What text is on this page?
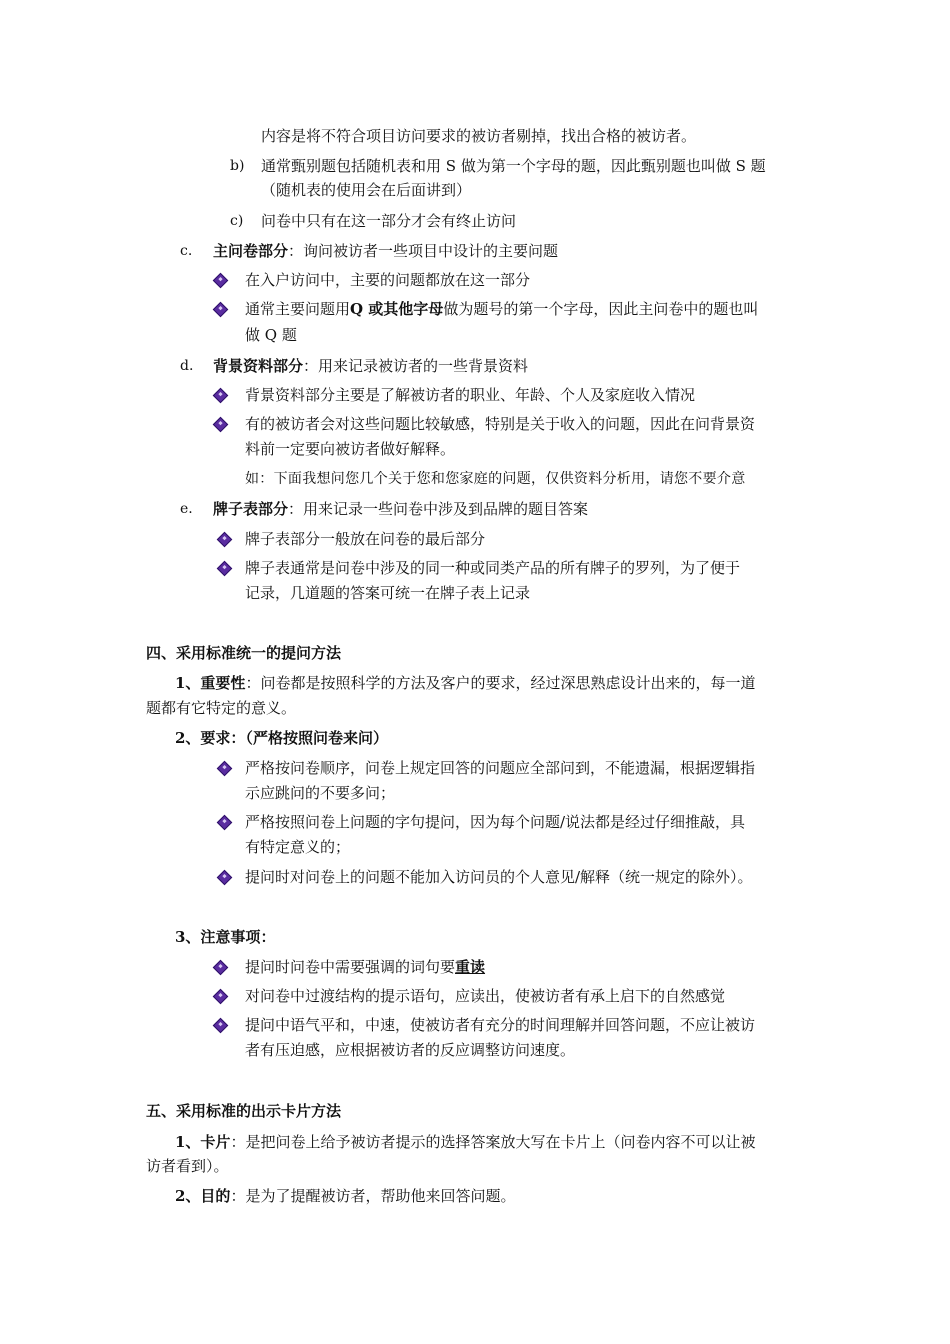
内容是将不符合项目访问要求的被访者剔掉，找出合格的被访者。
b) 通常甄别题包括随机表和用 S 做为第一个字母的题，因此甄别题也叫做 S 题
（随机表的使用会在后面讲到）
c) 问卷中只有在这一部分才会有终止访问
c. 主问卷部分：询问被访者一些项目中设计的主要问题
在入户访问中，主要的问题都放在这一部分
通常主要问题用Q 或其他字母做为题号的第一个字母，因此主问卷中的题也叫
做 Q 题
d. 背景资料部分：用来记录被访者的一些背景资料
背景资料部分主要是了解被访者的职业、年龄、个人及家庭收入情况
有的被访者会对这些问题比较敏感，特别是关于收入的问题，因此在问背景资
料前一定要向被访者做好解释。
如：下面我想问您几个关于您和您家庭的问题，仅供资料分析用，请您不要介意
e. 牌子表部分：用来记录一些问卷中涉及到品牌的题目答案
牌子表部分一般放在问卷的最后部分
牌子表通常是问卷中涉及的同一种或同类产品的所有牌子的罗列，为了便于
记录，几道题的答案可统一在牌子表上记录
四、采用标准统一的提问方法
1、重要性：问卷都是按照科学的方法及客户的要求，经过深思熟虑设计出来的，每一道
题都有它特定的意义。
2、要求：（严格按照问卷来问）
严格按问卷顺序，问卷上规定回答的问题应全部问到，不能遗漏，根据逻辑指
示应跳问的不要多问；
严格按照问卷上问题的字句提问，因为每个问题/说法都是经过仔细推敲，具
有特定意义的；
提问时对问卷上的问题不能加入访问员的个人意见/解释（统一规定的除外）。
3、注意事项：
提问时问卷中需要强调的词句要重读
对问卷中过渡结构的提示语句，应读出，使被访者有承上启下的自然感觉
提问中语气平和，中速，使被访者有充分的时间理解并回答问题，不应让被访
者有压迫感，应根据被访者的反应调整访问速度。
五、采用标准的出示卡片方法
1、卡片：是把问卷上给予被访者提示的选择答案放大写在卡片上（问卷内容不可以让被
访者看到）。
2、目的：是为了提醒被访者，帮助他来回答问题。
